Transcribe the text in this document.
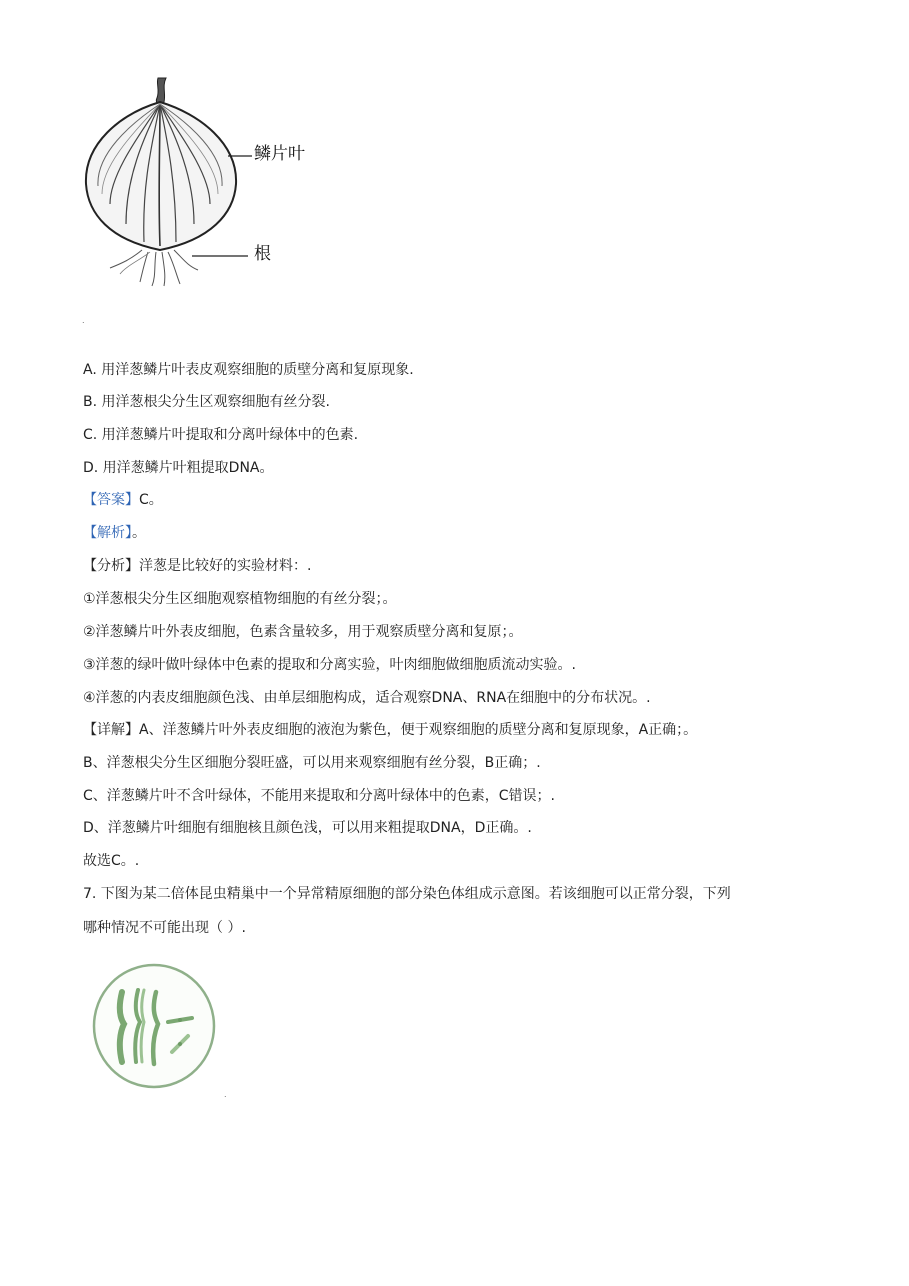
鳞片叶
根
.
A. 用洋葱鳞片叶表皮观察细胞的质壁分离和复原现象.
B. 用洋葱根尖分生区观察细胞有丝分裂.
C. 用洋葱鳞片叶提取和分离叶绿体中的色素.
D. 用洋葱鳞片叶粗提取DNA。
【答案】C。
【解析】。
【分析】洋葱是比较好的实验材料：.
①洋葱根尖分生区细胞观察植物细胞的有丝分裂；。
②洋葱鳞片叶外表皮细胞，色素含量较多，用于观察质壁分离和复原；。
③洋葱的绿叶做叶绿体中色素的提取和分离实验，叶肉细胞做细胞质流动实验。.
④洋葱的内表皮细胞颜色浅、由单层细胞构成，适合观察DNA、RNA在细胞中的分布状况。.
【详解】A、洋葱鳞片叶外表皮细胞的液泡为紫色，便于观察细胞的质壁分离和复原现象，A正确；。
B、洋葱根尖分生区细胞分裂旺盛，可以用来观察细胞有丝分裂，B正确；.
C、洋葱鳞片叶不含叶绿体，不能用来提取和分离叶绿体中的色素，C错误；.
D、洋葱鳞片叶细胞有细胞核且颜色浅，可以用来粗提取DNA，D正确。.
故选C。.
7. 下图为某二倍体昆虫精巢中一个异常精原细胞的部分染色体组成示意图。若该细胞可以正常分裂，下列
哪种情况不可能出现（ ）.
.
